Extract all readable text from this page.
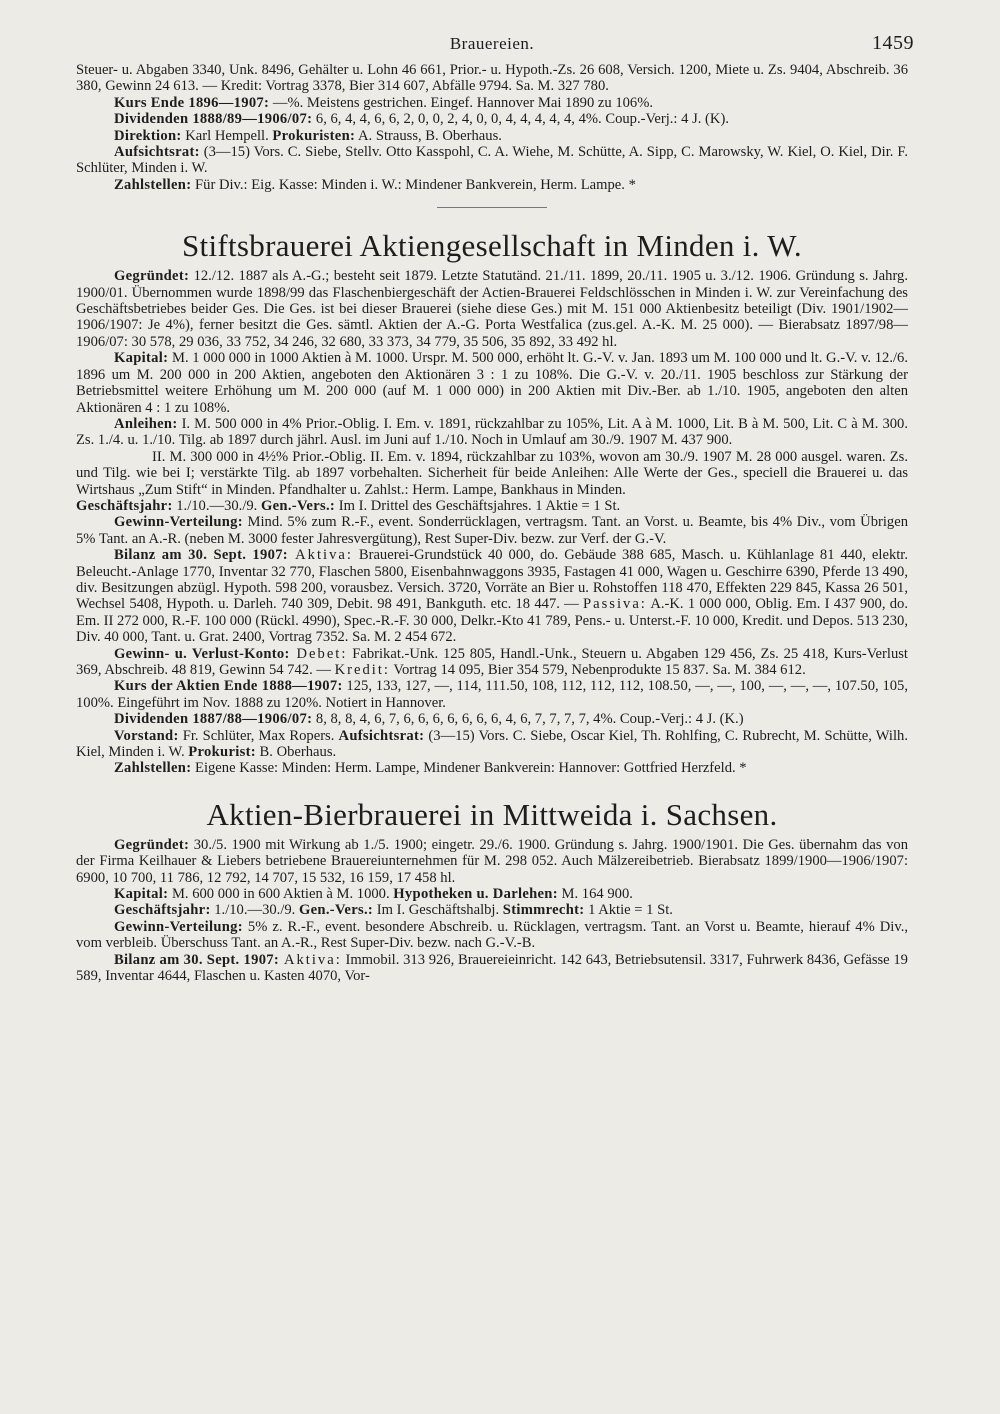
Brauereien.	1459

Steuer- u. Abgaben 3340, Unk. 8496, Gehälter u. Lohn 46 661, Prior.- u. Hypoth.-Zs. 26 608, Versich. 1200, Miete u. Zs. 9404, Abschreib. 36 380, Gewinn 24 613. — Kredit: Vortrag 3378, Bier 314 607, Abfälle 9794. Sa. M. 327 780.

Kurs Ende 1896—1907: —%. Meistens gestrichen. Eingef. Hannover Mai 1890 zu 106%.

Dividenden 1888/89—1906/07: 6, 6, 4, 4, 6, 6, 2, 0, 0, 2, 4, 0, 0, 4, 4, 4, 4, 4, 4%. Coup.-Verj.: 4 J. (K).

Direktion: Karl Hempell. Prokuristen: A. Strauss, B. Oberhaus.

Aufsichtsrat: (3—15) Vors. C. Siebe, Stellv. Otto Kasspohl, C. A. Wiehe, M. Schütte, A. Sipp, C. Marowsky, W. Kiel, O. Kiel, Dir. F. Schlüter, Minden i. W.

Zahlstellen: Für Div.: Eig. Kasse: Minden i. W.: Mindener Bankverein, Herm. Lampe. *

Stiftsbrauerei Aktiengesellschaft in Minden i. W.

Gegründet: 12./12. 1887 als A.-G.; besteht seit 1879. Letzte Statutänd. 21./11. 1899, 20./11. 1905 u. 3./12. 1906. Gründung s. Jahrg. 1900/01. Übernommen wurde 1898/99 das Flaschenbiergeschäft der Actien-Brauerei Feldschlösschen in Minden i. W. zur Vereinfachung des Geschäftsbetriebes beider Ges. Die Ges. ist bei dieser Brauerei (siehe diese Ges.) mit M. 151 000 Aktienbesitz beteiligt (Div. 1901/1902—1906/1907: Je 4%), ferner besitzt die Ges. sämtl. Aktien der A.-G. Porta Westfalica (zus.gel. A.-K. M. 25 000). — Bierabsatz 1897/98—1906/07: 30 578, 29 036, 33 752, 34 246, 32 680, 33 373, 34 779, 35 506, 35 892, 33 492 hl.

Kapital: M. 1 000 000 in 1000 Aktien à M. 1000. Urspr. M. 500 000, erhöht lt. G.-V. v. Jan. 1893 um M. 100 000 und lt. G.-V. v. 12./6. 1896 um M. 200 000 in 200 Aktien, angeboten den Aktionären 3 : 1 zu 108%. Die G.-V. v. 20./11. 1905 beschloss zur Stärkung der Betriebsmittel weitere Erhöhung um M. 200 000 (auf M. 1 000 000) in 200 Aktien mit Div.-Ber. ab 1./10. 1905, angeboten den alten Aktionären 4 : 1 zu 108%.

Anleihen: I. M. 500 000 in 4% Prior.-Oblig. I. Em. v. 1891, rückzahlbar zu 105%, Lit. A à M. 1000, Lit. B à M. 500, Lit. C à M. 300. Zs. 1./4. u. 1./10. Tilg. ab 1897 durch jährl. Ausl. im Juni auf 1./10. Noch in Umlauf am 30./9. 1907 M. 437 900.

II. M. 300 000 in 4½% Prior.-Oblig. II. Em. v. 1894, rückzahlbar zu 103%, wovon am 30./9. 1907 M. 28 000 ausgel. waren. Zs. und Tilg. wie bei I; verstärkte Tilg. ab 1897 vorbehalten. Sicherheit für beide Anleihen: Alle Werte der Ges., speciell die Brauerei u. das Wirtshaus „Zum Stift“ in Minden. Pfandhalter u. Zahlst.: Herm. Lampe, Bankhaus in Minden.

Geschäftsjahr: 1./10.—30./9. Gen.-Vers.: Im I. Drittel des Geschäftsjahres. 1 Aktie = 1 St.

Gewinn-Verteilung: Mind. 5% zum R.-F., event. Sonderrücklagen, vertragsm. Tant. an Vorst. u. Beamte, bis 4% Div., vom Übrigen 5% Tant. an A.-R. (neben M. 3000 fester Jahresvergütung), Rest Super-Div. bezw. zur Verf. der G.-V.

Bilanz am 30. Sept. 1907: Aktiva: Brauerei-Grundstück 40 000, do. Gebäude 388 685, Masch. u. Kühlanlage 81 440, elektr. Beleucht.-Anlage 1770, Inventar 32 770, Flaschen 5800, Eisenbahnwaggons 3935, Fastagen 41 000, Wagen u. Geschirre 6390, Pferde 13 490, div. Besitzungen abzügl. Hypoth. 598 200, vorausbez. Versich. 3720, Vorräte an Bier u. Rohstoffen 118 470, Effekten 229 845, Kassa 26 501, Wechsel 5408, Hypoth. u. Darleh. 740 309, Debit. 98 491, Bankguth. etc. 18 447. — Passiva: A.-K. 1 000 000, Oblig. Em. I 437 900, do. Em. II 272 000, R.-F. 100 000 (Rückl. 4990), Spec.-R.-F. 30 000, Delkr.-Kto 41 789, Pens.- u. Unterst.-F. 10 000, Kredit. und Depos. 513 230, Div. 40 000, Tant. u. Grat. 2400, Vortrag 7352. Sa. M. 2 454 672.

Gewinn- u. Verlust-Konto: Debet: Fabrikat.-Unk. 125 805, Handl.-Unk., Steuern u. Abgaben 129 456, Zs. 25 418, Kurs-Verlust 369, Abschreib. 48 819, Gewinn 54 742. — Kredit: Vortrag 14 095, Bier 354 579, Nebenprodukte 15 837. Sa. M. 384 612.

Kurs der Aktien Ende 1888—1907: 125, 133, 127, —, 114, 111.50, 108, 112, 112, 112, 108.50, —, —, 100, —, —, —, 107.50, 105, 100%. Eingeführt im Nov. 1888 zu 120%. Notiert in Hannover.

Dividenden 1887/88—1906/07: 8, 8, 8, 4, 6, 7, 6, 6, 6, 6, 6, 6, 6, 4, 6, 7, 7, 7, 7, 4%. Coup.-Verj.: 4 J. (K.)

Vorstand: Fr. Schlüter, Max Ropers. Aufsichtsrat: (3—15) Vors. C. Siebe, Oscar Kiel, Th. Rohlfing, C. Rubrecht, M. Schütte, Wilh. Kiel, Minden i. W. Prokurist: B. Oberhaus.

Zahlstellen: Eigene Kasse: Minden: Herm. Lampe, Mindener Bankverein: Hannover: Gottfried Herzfeld. *

Aktien-Bierbrauerei in Mittweida i. Sachsen.

Gegründet: 30./5. 1900 mit Wirkung ab 1./5. 1900; eingetr. 29./6. 1900. Gründung s. Jahrg. 1900/1901. Die Ges. übernahm das von der Firma Keilhauer & Liebers betriebene Brauereiunternehmen für M. 298 052. Auch Mälzereibetrieb. Bierabsatz 1899/1900—1906/1907: 6900, 10 700, 11 786, 12 792, 14 707, 15 532, 16 159, 17 458 hl.

Kapital: M. 600 000 in 600 Aktien à M. 1000. Hypotheken u. Darlehen: M. 164 900.

Geschäftsjahr: 1./10.—30./9. Gen.-Vers.: Im I. Geschäftshalbj. Stimmrecht: 1 Aktie = 1 St.

Gewinn-Verteilung: 5% z. R.-F., event. besondere Abschreib. u. Rücklagen, vertragsm. Tant. an Vorst u. Beamte, hierauf 4% Div., vom verbleib. Überschuss Tant. an A.-R., Rest Super-Div. bezw. nach G.-V.-B.

Bilanz am 30. Sept. 1907: Aktiva: Immobil. 313 926, Brauereieinricht. 142 643, Betriebsutensil. 3317, Fuhrwerk 8436, Gefässe 19 589, Inventar 4644, Flaschen u. Kasten 4070, Vor-
